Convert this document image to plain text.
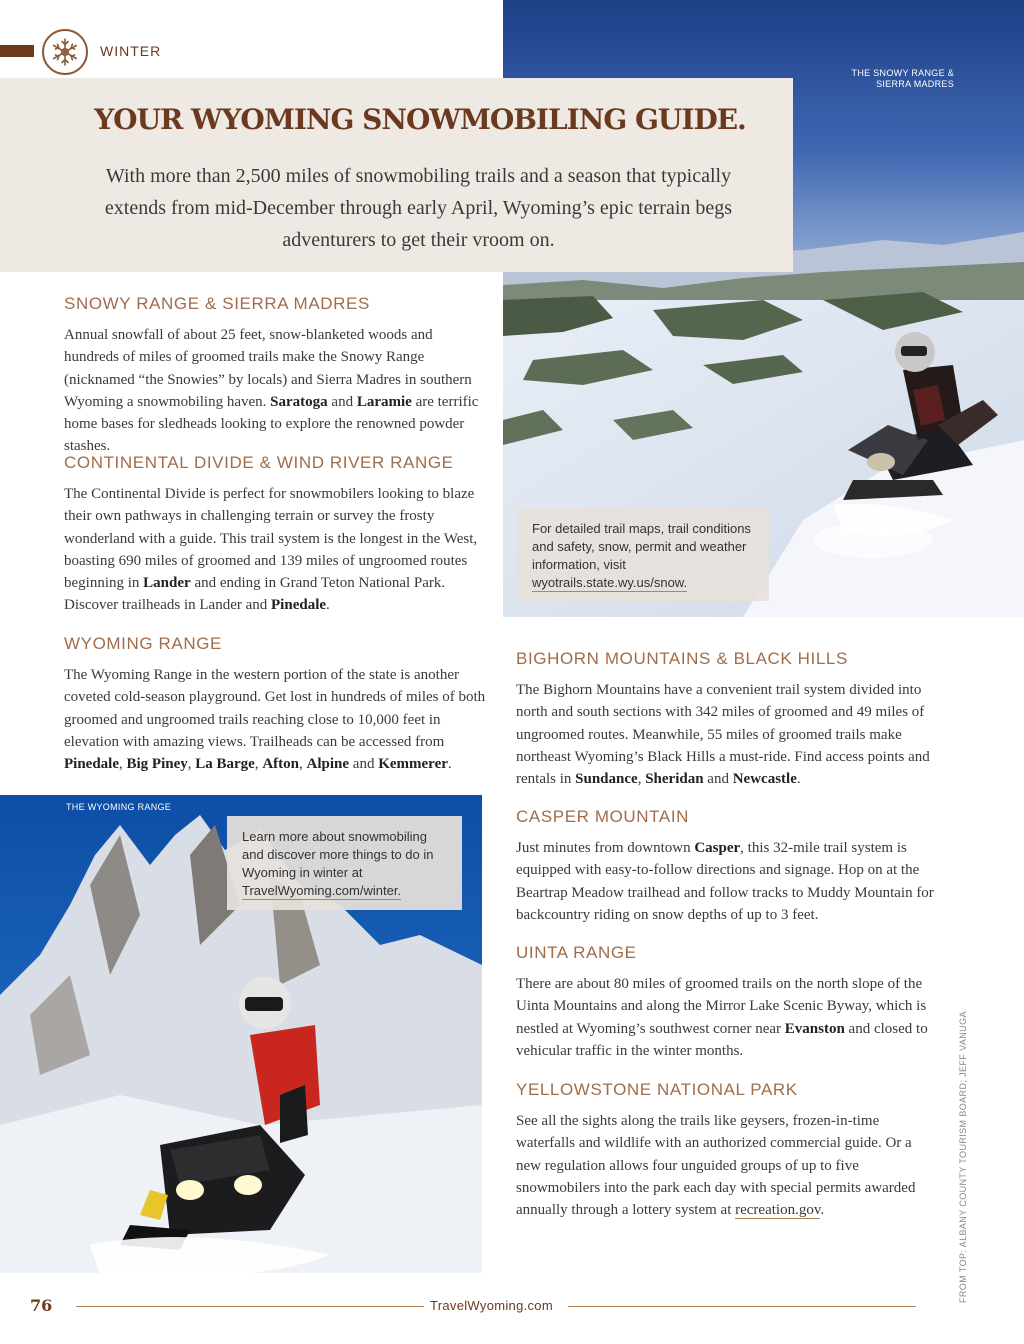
WINTER
THE SNOWY RANGE & SIERRA MADRES
YOUR WYOMING SNOWMOBILING GUIDE.
With more than 2,500 miles of snowmobiling trails and a season that typically extends from mid-December through early April, Wyoming’s epic terrain begs adventurers to get their vroom on.
For detailed trail maps, trail conditions and safety, snow, permit and weather information, visit wyotrails.state.wy.us/snow.
SNOWY RANGE & SIERRA MADRES
Annual snowfall of about 25 feet, snow-blanketed woods and hundreds of miles of groomed trails make the Snowy Range (nicknamed “the Snowies” by locals) and Sierra Madres in southern Wyoming a snowmobiling haven. Saratoga and Laramie are terrific home bases for sledheads looking to explore the renowned powder stashes.
CONTINENTAL DIVIDE & WIND RIVER RANGE
The Continental Divide is perfect for snowmobilers looking to blaze their own pathways in challenging terrain or survey the frosty wonderland with a guide. This trail system is the longest in the West, boasting 690 miles of groomed and 139 miles of ungroomed routes beginning in Lander and ending in Grand Teton National Park. Discover trailheads in Lander and Pinedale.
WYOMING RANGE
The Wyoming Range in the western portion of the state is another coveted cold-season playground. Get lost in hundreds of miles of both groomed and ungroomed trails reaching close to 10,000 feet in elevation with amazing views. Trailheads can be accessed from Pinedale, Big Piney, La Barge, Afton, Alpine and Kemmerer.
THE WYOMING RANGE
Learn more about snowmobiling and discover more things to do in Wyoming in winter at TravelWyoming.com/winter.
BIGHORN MOUNTAINS & BLACK HILLS
The Bighorn Mountains have a convenient trail system divided into north and south sections with 342 miles of groomed and 49 miles of ungroomed routes. Meanwhile, 55 miles of groomed trails make northeast Wyoming’s Black Hills a must-ride. Find access points and rentals in Sundance, Sheridan and Newcastle.
CASPER MOUNTAIN
Just minutes from downtown Casper, this 32-mile trail system is equipped with easy-to-follow directions and signage. Hop on at the Beartrap Meadow trailhead and follow tracks to Muddy Mountain for backcountry riding on snow depths of up to 3 feet.
UINTA RANGE
There are about 80 miles of groomed trails on the north slope of the Uinta Mountains and along the Mirror Lake Scenic Byway, which is nestled at Wyoming’s southwest corner near Evanston and closed to vehicular traffic in the winter months.
YELLOWSTONE NATIONAL PARK
See all the sights along the trails like geysers, frozen-in-time waterfalls and wildlife with an authorized commercial guide. Or a new regulation allows four unguided groups of up to five snowmobilers into the park each day with special permits awarded annually through a lottery system at recreation.gov.	FROM TOP: ALBANY COUNTY TOURISM BOARD; JEFF VANUGA
76	TravelWyoming.com
